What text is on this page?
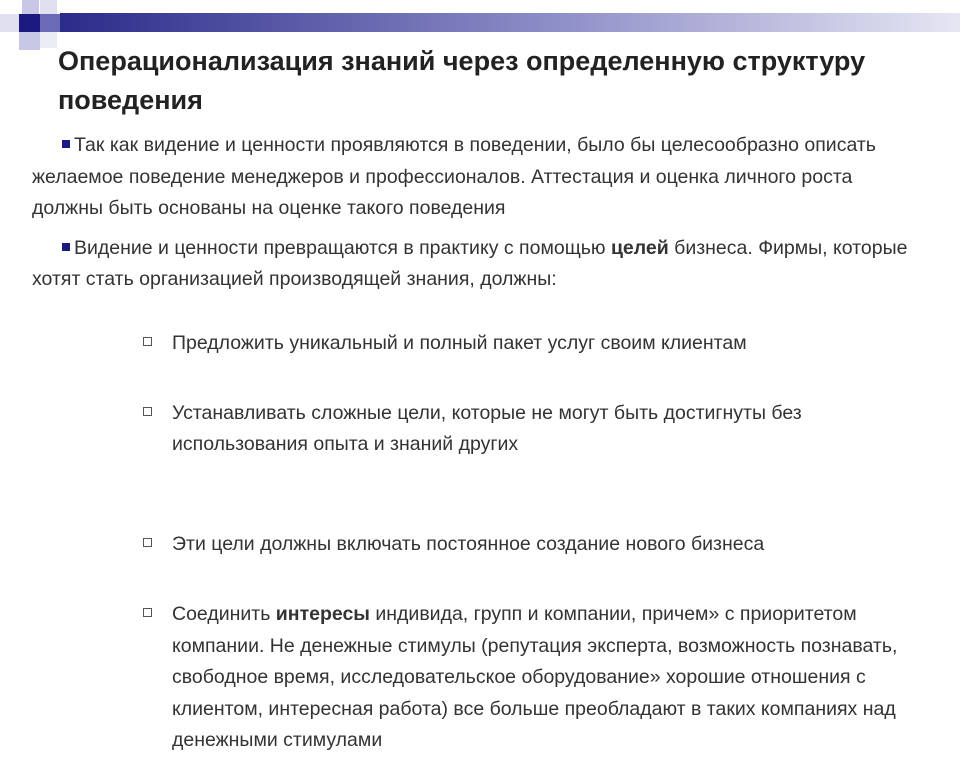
Операционализация знаний через определенную структуру поведения

Так как видение и ценности проявляются в поведении, было бы целесообразно описать желаемое поведение менеджеров и профессионалов. Аттестация и оценка личного роста должны быть основаны на оценке такого поведения

Видение и ценности превращаются в практику с помощью целей бизнеса. Фирмы, которые хотят стать организацией производящей знания, должны:

Предложить уникальный и полный пакет услуг своим клиентам
Устанавливать сложные цели, которые не могут быть достигнуты без использования опыта и знаний других
Эти цели должны включать постоянное создание нового бизнеса
Соединить интересы индивида, групп и компании, причем» с приоритетом компании. Не денежные стимулы (репутация эксперта, возможность познавать, свободное время, исследовательское оборудование» хорошие отношения с клиентом, интересная работа) все больше преобладают в таких компаниях над денежными стимулами
